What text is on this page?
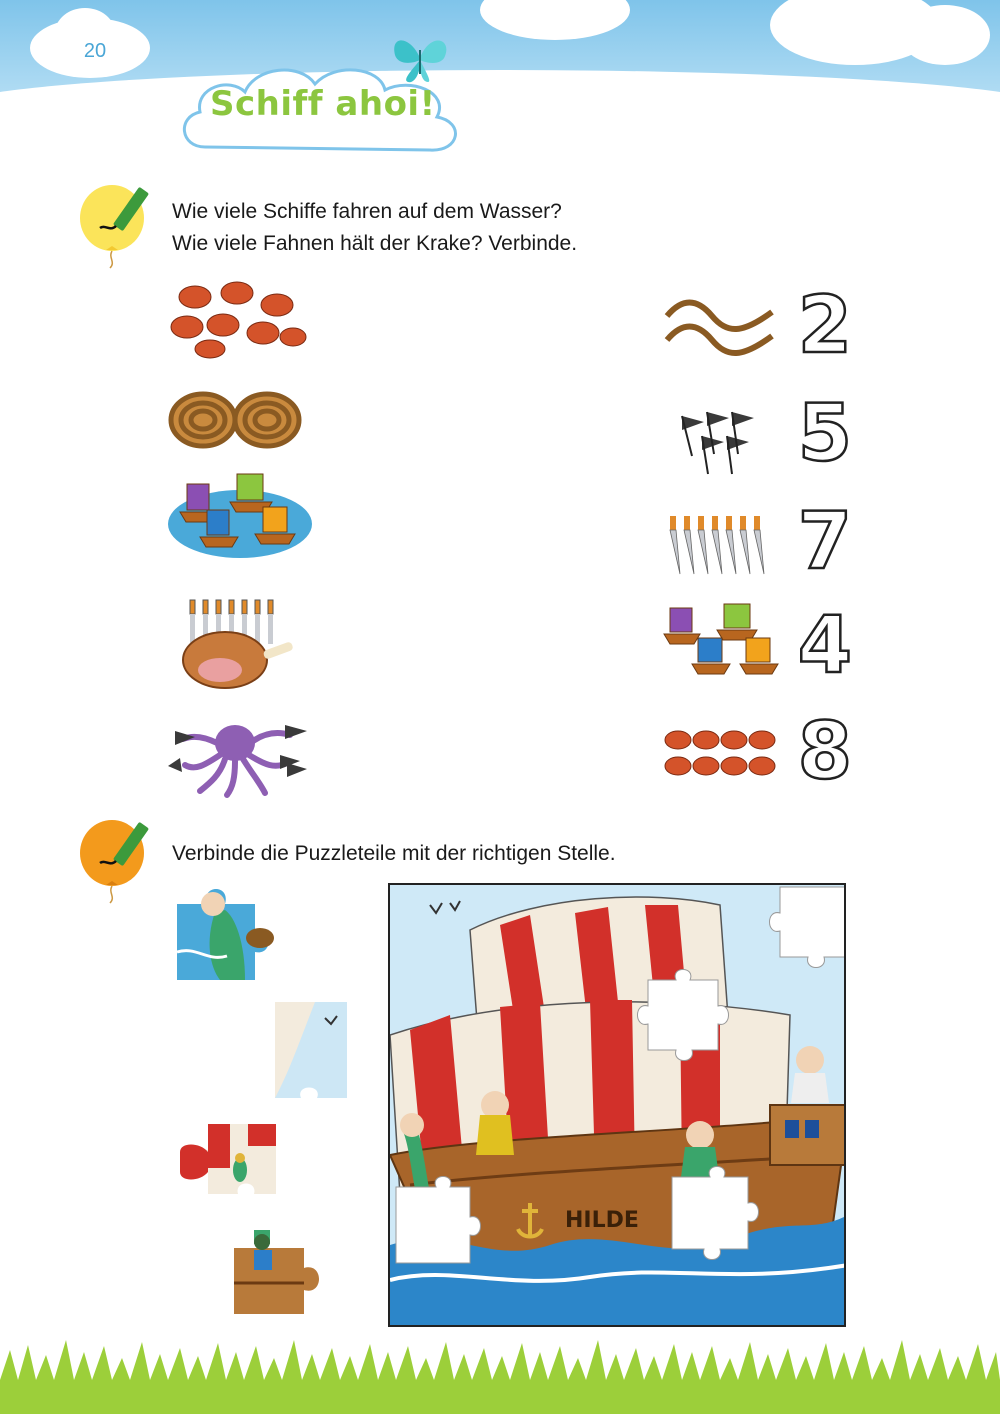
20
Schiff ahoi!
Wie viele Schiffe fahren auf dem Wasser?
Wie viele Fahnen hält der Krake? Verbinde.
2
5
7
4
8
Verbinde die Puzzleteile mit der richtigen Stelle.
HILDE
